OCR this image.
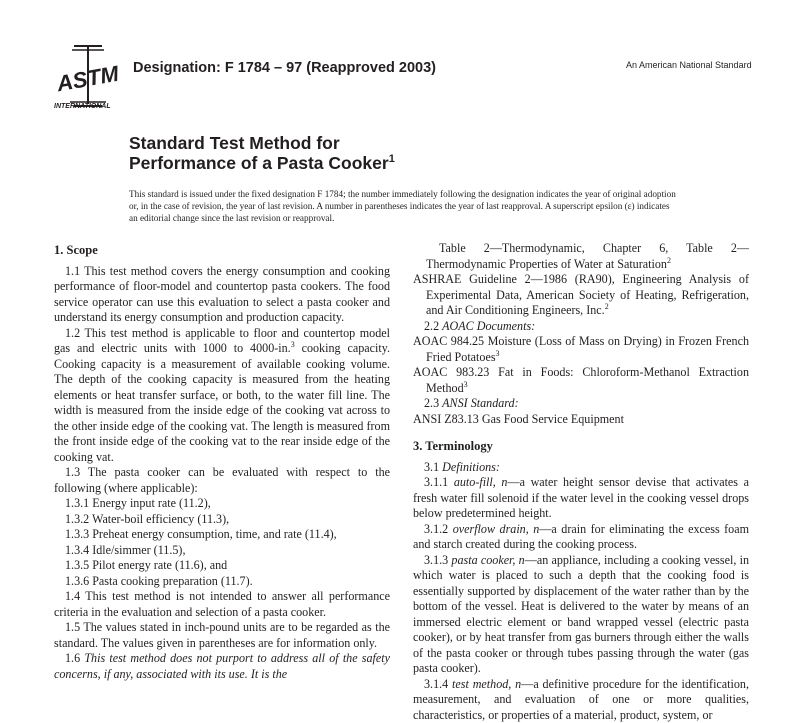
ASTM
INTERNATIONAL
Designation: F 1784 – 97 (Reapproved 2003)	An American National Standard
Standard Test Method for
Performance of a Pasta Cooker$^1$

This standard is issued under the fixed designation F 1784; the number immediately following the designation indicates the year of original adoption or, in the case of revision, the year of last revision. A number in parentheses indicates the year of last reapproval. A superscript epsilon (ε) indicates an editorial change since the last revision or reapproval.

1. Scope

1.1 This test method covers the energy consumption and cooking performance of floor-model and countertop pasta cookers. The food service operator can use this evaluation to select a pasta cooker and understand its energy consumption and production capacity.

1.2 This test method is applicable to floor and countertop model gas and electric units with 1000 to 4000-in.$^3$ cooking capacity. Cooking capacity is a measurement of available cooking volume. The depth of the cooking capacity is measured from the heating elements or heat transfer surface, or both, to the water fill line. The width is measured from the inside edge of the cooking vat across to the other inside edge of the cooking vat. The length is measured from the front inside edge of the cooking vat to the rear inside edge of the cooking vat.

1.3 The pasta cooker can be evaluated with respect to the following (where applicable):

1.3.1 Energy input rate (11.2),
1.3.2 Water-boil efficiency (11.3),
1.3.3 Preheat energy consumption, time, and rate (11.4),
1.3.4 Idle/simmer (11.5),
1.3.5 Pilot energy rate (11.6), and
1.3.6 Pasta cooking preparation (11.7).

1.4 This test method is not intended to answer all performance criteria in the evaluation and selection of a pasta cooker.

1.5 The values stated in inch-pound units are to be regarded as the standard. The values given in parentheses are for information only.

1.6 This test method does not purport to address all of the safety concerns, if any, associated with its use. It is the

Table 2—Thermodynamic, Chapter 6, Table 2—Thermodynamic Properties of Water at Saturation$^2$

ASHRAE Guideline 2—1986 (RA90), Engineering Analysis of Experimental Data, American Society of Heating, Refrigeration, and Air Conditioning Engineers, Inc.$^2$

2.2 AOAC Documents:

AOAC 984.25 Moisture (Loss of Mass on Drying) in Frozen French Fried Potatoes$^3$

AOAC 983.23 Fat in Foods: Chloroform-Methanol Extraction Method$^3$

2.3 ANSI Standard:

ANSI Z83.13 Gas Food Service Equipment

3. Terminology

3.1 Definitions:

3.1.1 auto-fill, n—a water height sensor devise that activates a fresh water fill solenoid if the water level in the cooking vessel drops below predetermined height.

3.1.2 overflow drain, n—a drain for eliminating the excess foam and starch created during the cooking process.

3.1.3 pasta cooker, n—an appliance, including a cooking vessel, in which water is placed to such a depth that the cooking food is essentially supported by displacement of the water rather than by the bottom of the vessel. Heat is delivered to the water by means of an immersed electric element or band wrapped vessel (electric pasta cooker), or by heat transfer from gas burners through either the walls of the pasta cooker or through tubes passing through the water (gas pasta cooker).

3.1.4 test method, n—a definitive procedure for the identification, measurement, and evaluation of one or more qualities, characteristics, or properties of a material, product, system, or
